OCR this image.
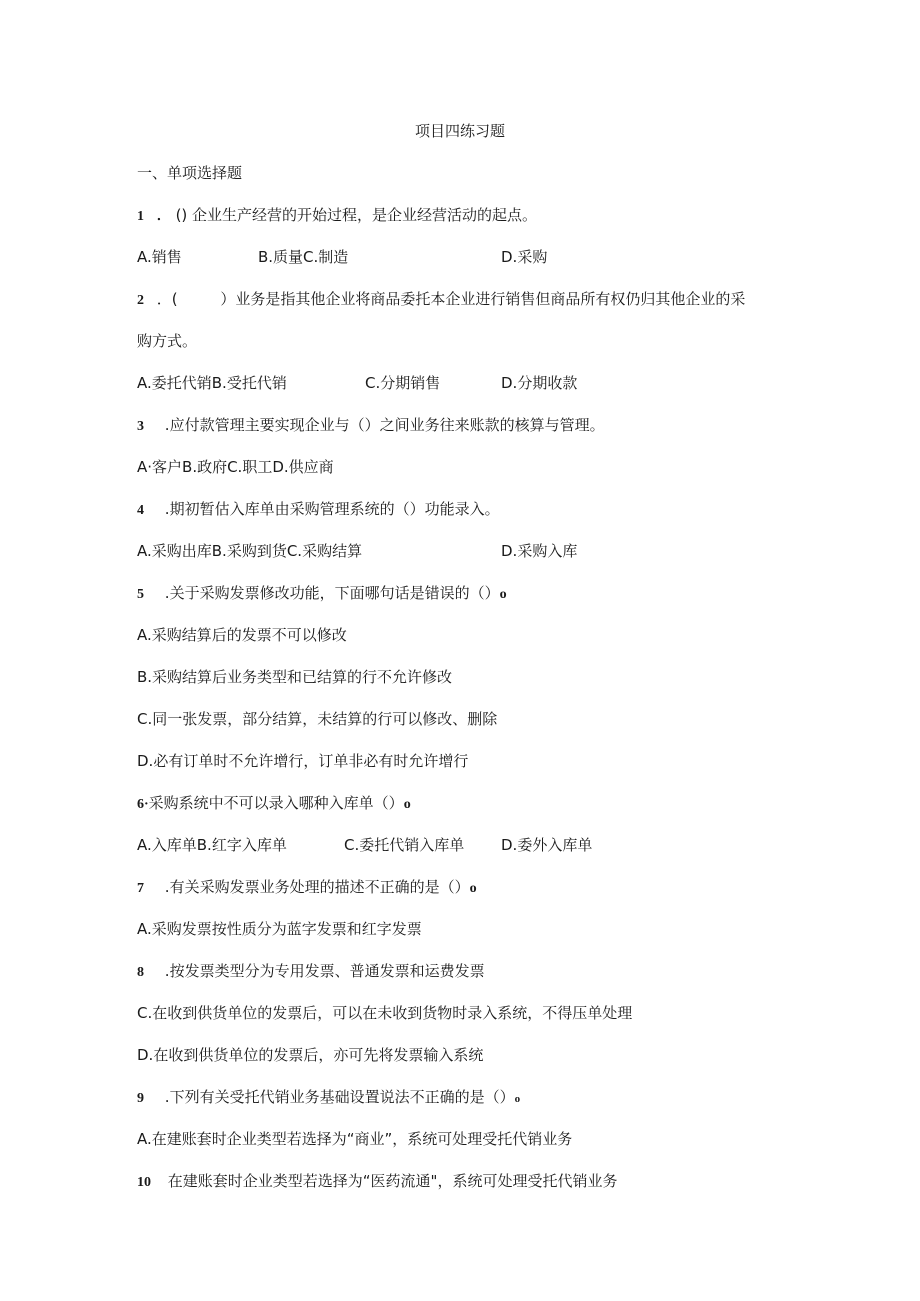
项目四练习题
一、单项选择题
1 ． () 企业生产经营的开始过程，是企业经营活动的起点。
A.销售	B.质量 C.制造	D.采购
2 ．(	）业务是指其他企业将商品委托本企业进行销售但商品所有权仍归其他企业的采
购方式。
A.委托代销B.受托代销	C.分期销售	D.分期收款
3 .应付款管理主要实现企业与（）之间业务往来账款的核算与管理。
A·客户B.政府C.职工D.供应商
4 .期初暂估入库单由采购管理系统的（）功能录入。
A.采购出库B.采购到货C.采购结算	D.采购入库
5 .关于采购发票修改功能，下面哪句话是错误的（）o
A.采购结算后的发票不可以修改
B.采购结算后业务类型和已结算的行不允许修改
C.同一张发票，部分结算，未结算的行可以修改、删除
D.必有订单时不允许增行，订单非必有时允许增行
6·采购系统中不可以录入哪种入库单（）o
A.入库单B.红字入库单	C.委托代销入库单 D.委外入库单
7 .有关采购发票业务处理的描述不正确的是（）o
A.采购发票按性质分为蓝字发票和红字发票
8 .按发票类型分为专用发票、普通发票和运费发票
C.在收到供货单位的发票后，可以在未收到货物时录入系统，不得压单处理
D.在收到供货单位的发票后，亦可先将发票输入系统
9 .下列有关受托代销业务基础设置说法不正确的是（）o
A.在建账套时企业类型若选择为“商业”，系统可处理受托代销业务
10 在建账套时企业类型若选择为“医药流通"，系统可处理受托代销业务
